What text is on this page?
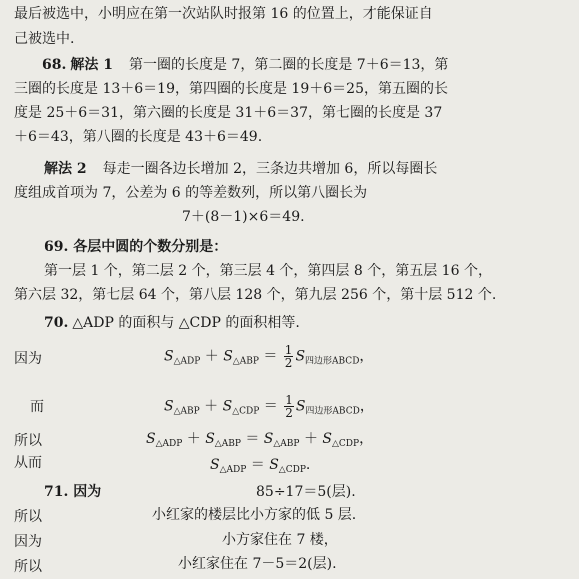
最后被选中，小明应在第一次站队时报第 16 的位置上，才能保证自
己被选中.
68. 解法 1 第一圈的长度是 7，第二圈的长度是 7＋6＝13，第
三圈的长度是 13＋6＝19，第四圈的长度是 19＋6＝25，第五圈的长
度是 25＋6＝31，第六圈的长度是 31＋6＝37，第七圈的长度是 37
＋6＝43，第八圈的长度是 43＋6＝49.
解法 2 每走一圈各边长增加 2，三条边共增加 6，所以每圈长
度组成首项为 7，公差为 6 的等差数列，所以第八圈长为
7＋(8－1)×6＝49.
69. 各层中圆的个数分别是：
第一层 1 个，第二层 2 个，第三层 4 个，第四层 8 个，第五层 16 个，
第六层 32，第七层 64 个，第八层 128 个，第九层 256 个，第十层 512 个.
70. △ADP 的面积与 △CDP 的面积相等.
因为	$S_{\triangle ADP} + S_{\triangle ABP} = \frac{1}{2} S_{四边形ABCD}$，
而	$S_{\triangle ABP} + S_{\triangle CDP} = \frac{1}{2} S_{四边形ABCD}$，
所以	$S_{\triangle ADP} + S_{\triangle ABP} = S_{\triangle ABP} + S_{\triangle CDP}$，
从而	$S_{\triangle ADP} = S_{\triangle CDP}$.
71. 因为	85÷17＝5(层).
所以	小红家的楼层比小方家的低 5 层.
因为	小方家住在 7 楼，
所以	小红家住在 7－5＝2(层).
